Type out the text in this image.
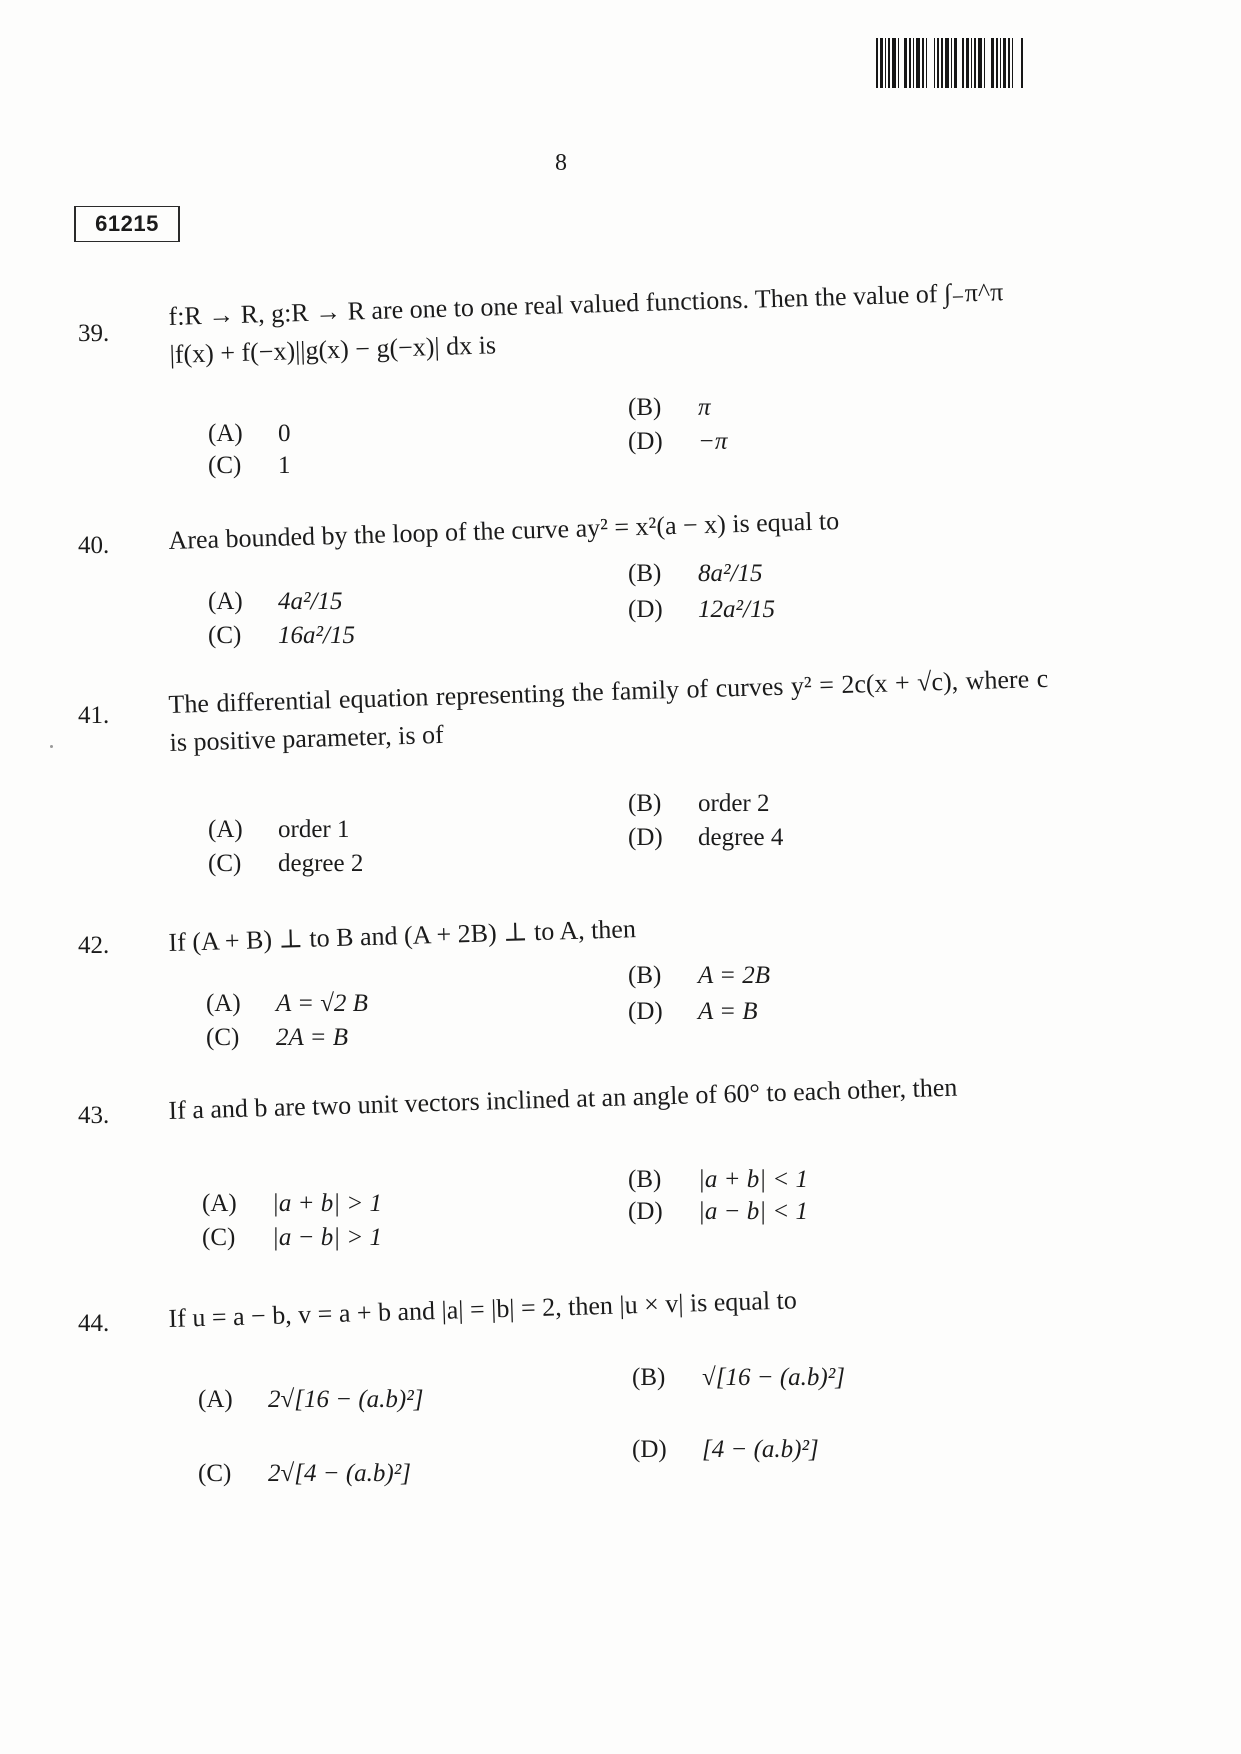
8
61215
39.
f:R → R, g:R → R are one to one real valued functions. Then the value of ∫₋π^π |f(x) + f(−x)||g(x) − g(−x)| dx is
(A) 0
(B) π
(C) 1
(D) −π
40. Area bounded by the loop of the curve ay² = x²(a − x) is equal to
(A) 4a²/15
(B) 8a²/15
(C) 16a²/15
(D) 12a²/15
41. The differential equation representing the family of curves y² = 2c(x + √c), where c is positive parameter, is of
(A) order 1
(B) order 2
(C) degree 2
(D) degree 4
42. If (A + B) ⊥ to B and (A + 2B) ⊥ to A, then
(A) A = √2 B
(B) A = 2B
(C) 2A = B
(D) A = B
43. If a and b are two unit vectors inclined at an angle of 60° to each other, then
(A) |a + b| > 1
(B) |a + b| < 1
(C) |a − b| > 1
(D) |a − b| < 1
44. If u = a − b, v = a + b and |a| = |b| = 2, then |u × v| is equal to
(A) 2√[16 − (a.b)²]
(B) √[16 − (a.b)²]
(C) 2√[4 − (a.b)²]
(D) [4 − (a.b)²]
